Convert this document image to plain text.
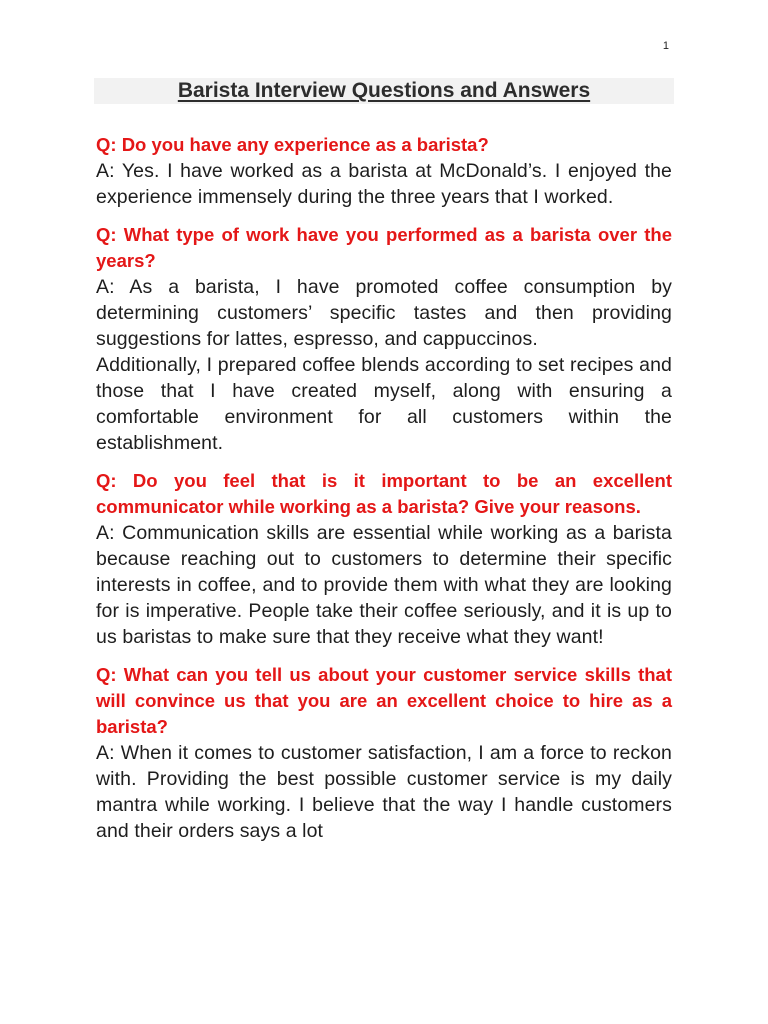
1
Barista Interview Questions and Answers

Q: Do you have any experience as a barista?

A: Yes. I have worked as a barista at McDonald’s. I enjoyed the experience immensely during the three years that I worked.

Q: What type of work have you performed as a barista over the years?

A: As a barista, I have promoted coffee consumption by determining customers’ specific tastes and then providing suggestions for lattes, espresso, and cappuccinos.

Additionally, I prepared coffee blends according to set recipes and those that I have created myself, along with ensuring a comfortable environment for all customers within the establishment.

Q: Do you feel that is it important to be an excellent communicator while working as a barista? Give your reasons.

A: Communication skills are essential while working as a barista because reaching out to customers to determine their specific interests in coffee, and to provide them with what they are looking for is imperative. People take their coffee seriously, and it is up to us baristas to make sure that they receive what they want!

Q: What can you tell us about your customer service skills that will convince us that you are an excellent choice to hire as a barista?

A: When it comes to customer satisfaction, I am a force to reckon with. Providing the best possible customer service is my daily mantra while working. I believe that the way I handle customers and their orders says a lot
